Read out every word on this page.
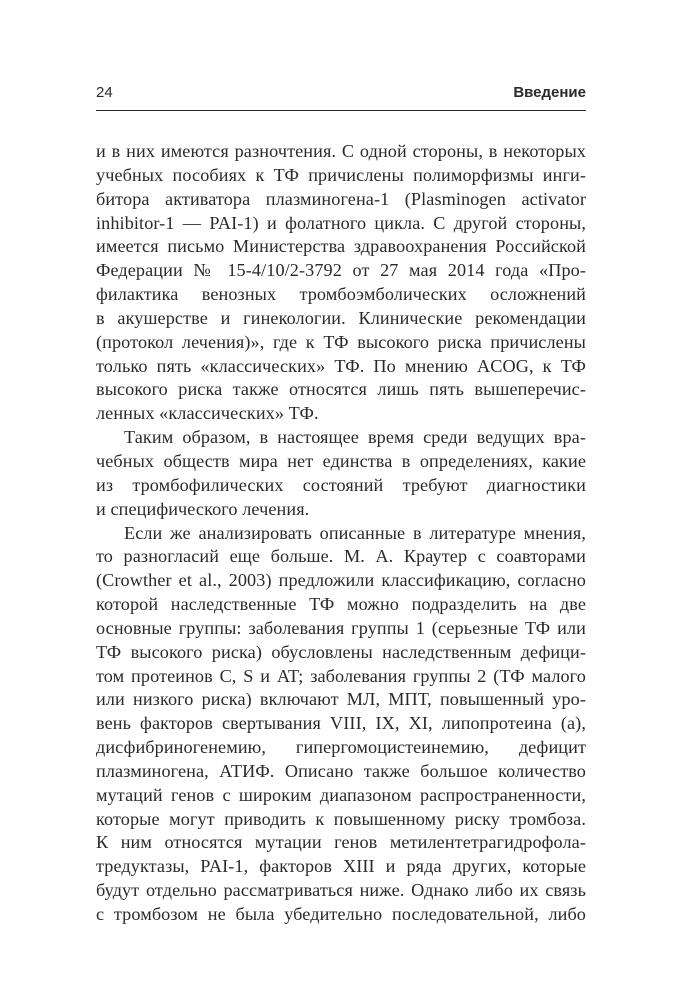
24	Введение
и в них имеются разночтения. С одной стороны, в некоторых
учебных пособиях к ТФ причислены полиморфизмы инги-
битора активатора плазминогена-1 (Plasminogen activator
inhibitor-1 — PAI-1) и фолатного цикла. С другой стороны,
имеется письмо Министерства здравоохранения Российской
Федерации № 15-4/10/2-3792 от 27 мая 2014 года «Про-
филактика венозных тромбоэмболических осложнений
в акушерстве и гинекологии. Клинические рекомендации
(протокол лечения)», где к ТФ высокого риска причислены
только пять «классических» ТФ. По мнению ACOG, к ТФ
высокого риска также относятся лишь пять вышеперечис-
ленных «классических» ТФ.
Таким образом, в настоящее время среди ведущих вра-
чебных обществ мира нет единства в определениях, какие
из тромбофилических состояний требуют диагностики
и специфического лечения.
Если же анализировать описанные в литературе мнения,
то разногласий еще больше. М. А. Краутер с соавторами
(Crowther et al., 2003) предложили классификацию, согласно
которой наследственные ТФ можно подразделить на две
основные группы: заболевания группы 1 (серьезные ТФ или
ТФ высокого риска) обусловлены наследственным дефици-
том протеинов C, S и AT; заболевания группы 2 (ТФ малого
или низкого риска) включают МЛ, МПТ, повышенный уро-
вень факторов свертывания VIII, IX, XI, липопротеина (a),
дисфибриногенемию, гипергомоцистеинемию, дефицит
плазминогена, АТИФ. Описано также большое количество
мутаций генов с широким диапазоном распространенности,
которые могут приводить к повышенному риску тромбоза.
К ним относятся мутации генов метилентетрагидрофола-
тредуктазы, PAI-1, факторов XIII и ряда других, которые
будут отдельно рассматриваться ниже. Однако либо их связь
с тромбозом не была убедительно последовательной, либо
